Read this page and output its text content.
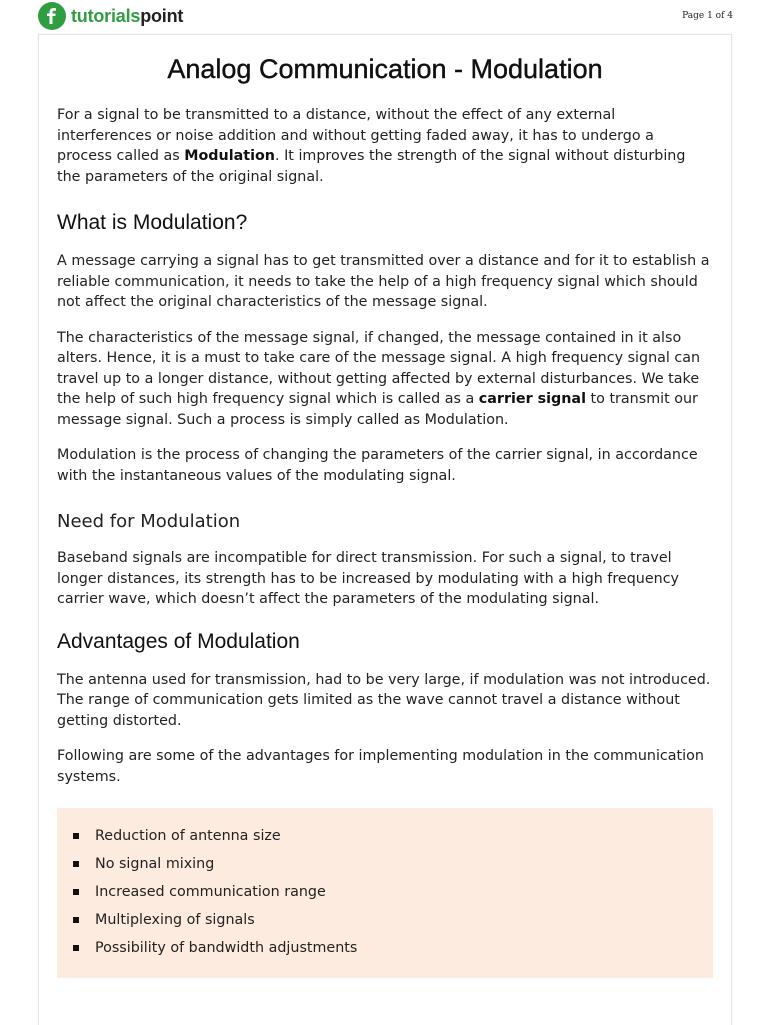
tutorialspoint	Page 1 of 4
Analog Communication - Modulation

For a signal to be transmitted to a distance, without the effect of any external interferences or noise addition and without getting faded away, it has to undergo a process called as Modulation. It improves the strength of the signal without disturbing the parameters of the original signal.

What is Modulation?

A message carrying a signal has to get transmitted over a distance and for it to establish a reliable communication, it needs to take the help of a high frequency signal which should not affect the original characteristics of the message signal.

The characteristics of the message signal, if changed, the message contained in it also alters. Hence, it is a must to take care of the message signal. A high frequency signal can travel up to a longer distance, without getting affected by external disturbances. We take the help of such high frequency signal which is called as a carrier signal to transmit our message signal. Such a process is simply called as Modulation.

Modulation is the process of changing the parameters of the carrier signal, in accordance with the instantaneous values of the modulating signal.

Need for Modulation

Baseband signals are incompatible for direct transmission. For such a signal, to travel longer distances, its strength has to be increased by modulating with a high frequency carrier wave, which doesn’t affect the parameters of the modulating signal.

Advantages of Modulation

The antenna used for transmission, had to be very large, if modulation was not introduced. The range of communication gets limited as the wave cannot travel a distance without getting distorted.

Following are some of the advantages for implementing modulation in the communication systems.

Reduction of antenna size
No signal mixing
Increased communication range
Multiplexing of signals
Possibility of bandwidth adjustments
